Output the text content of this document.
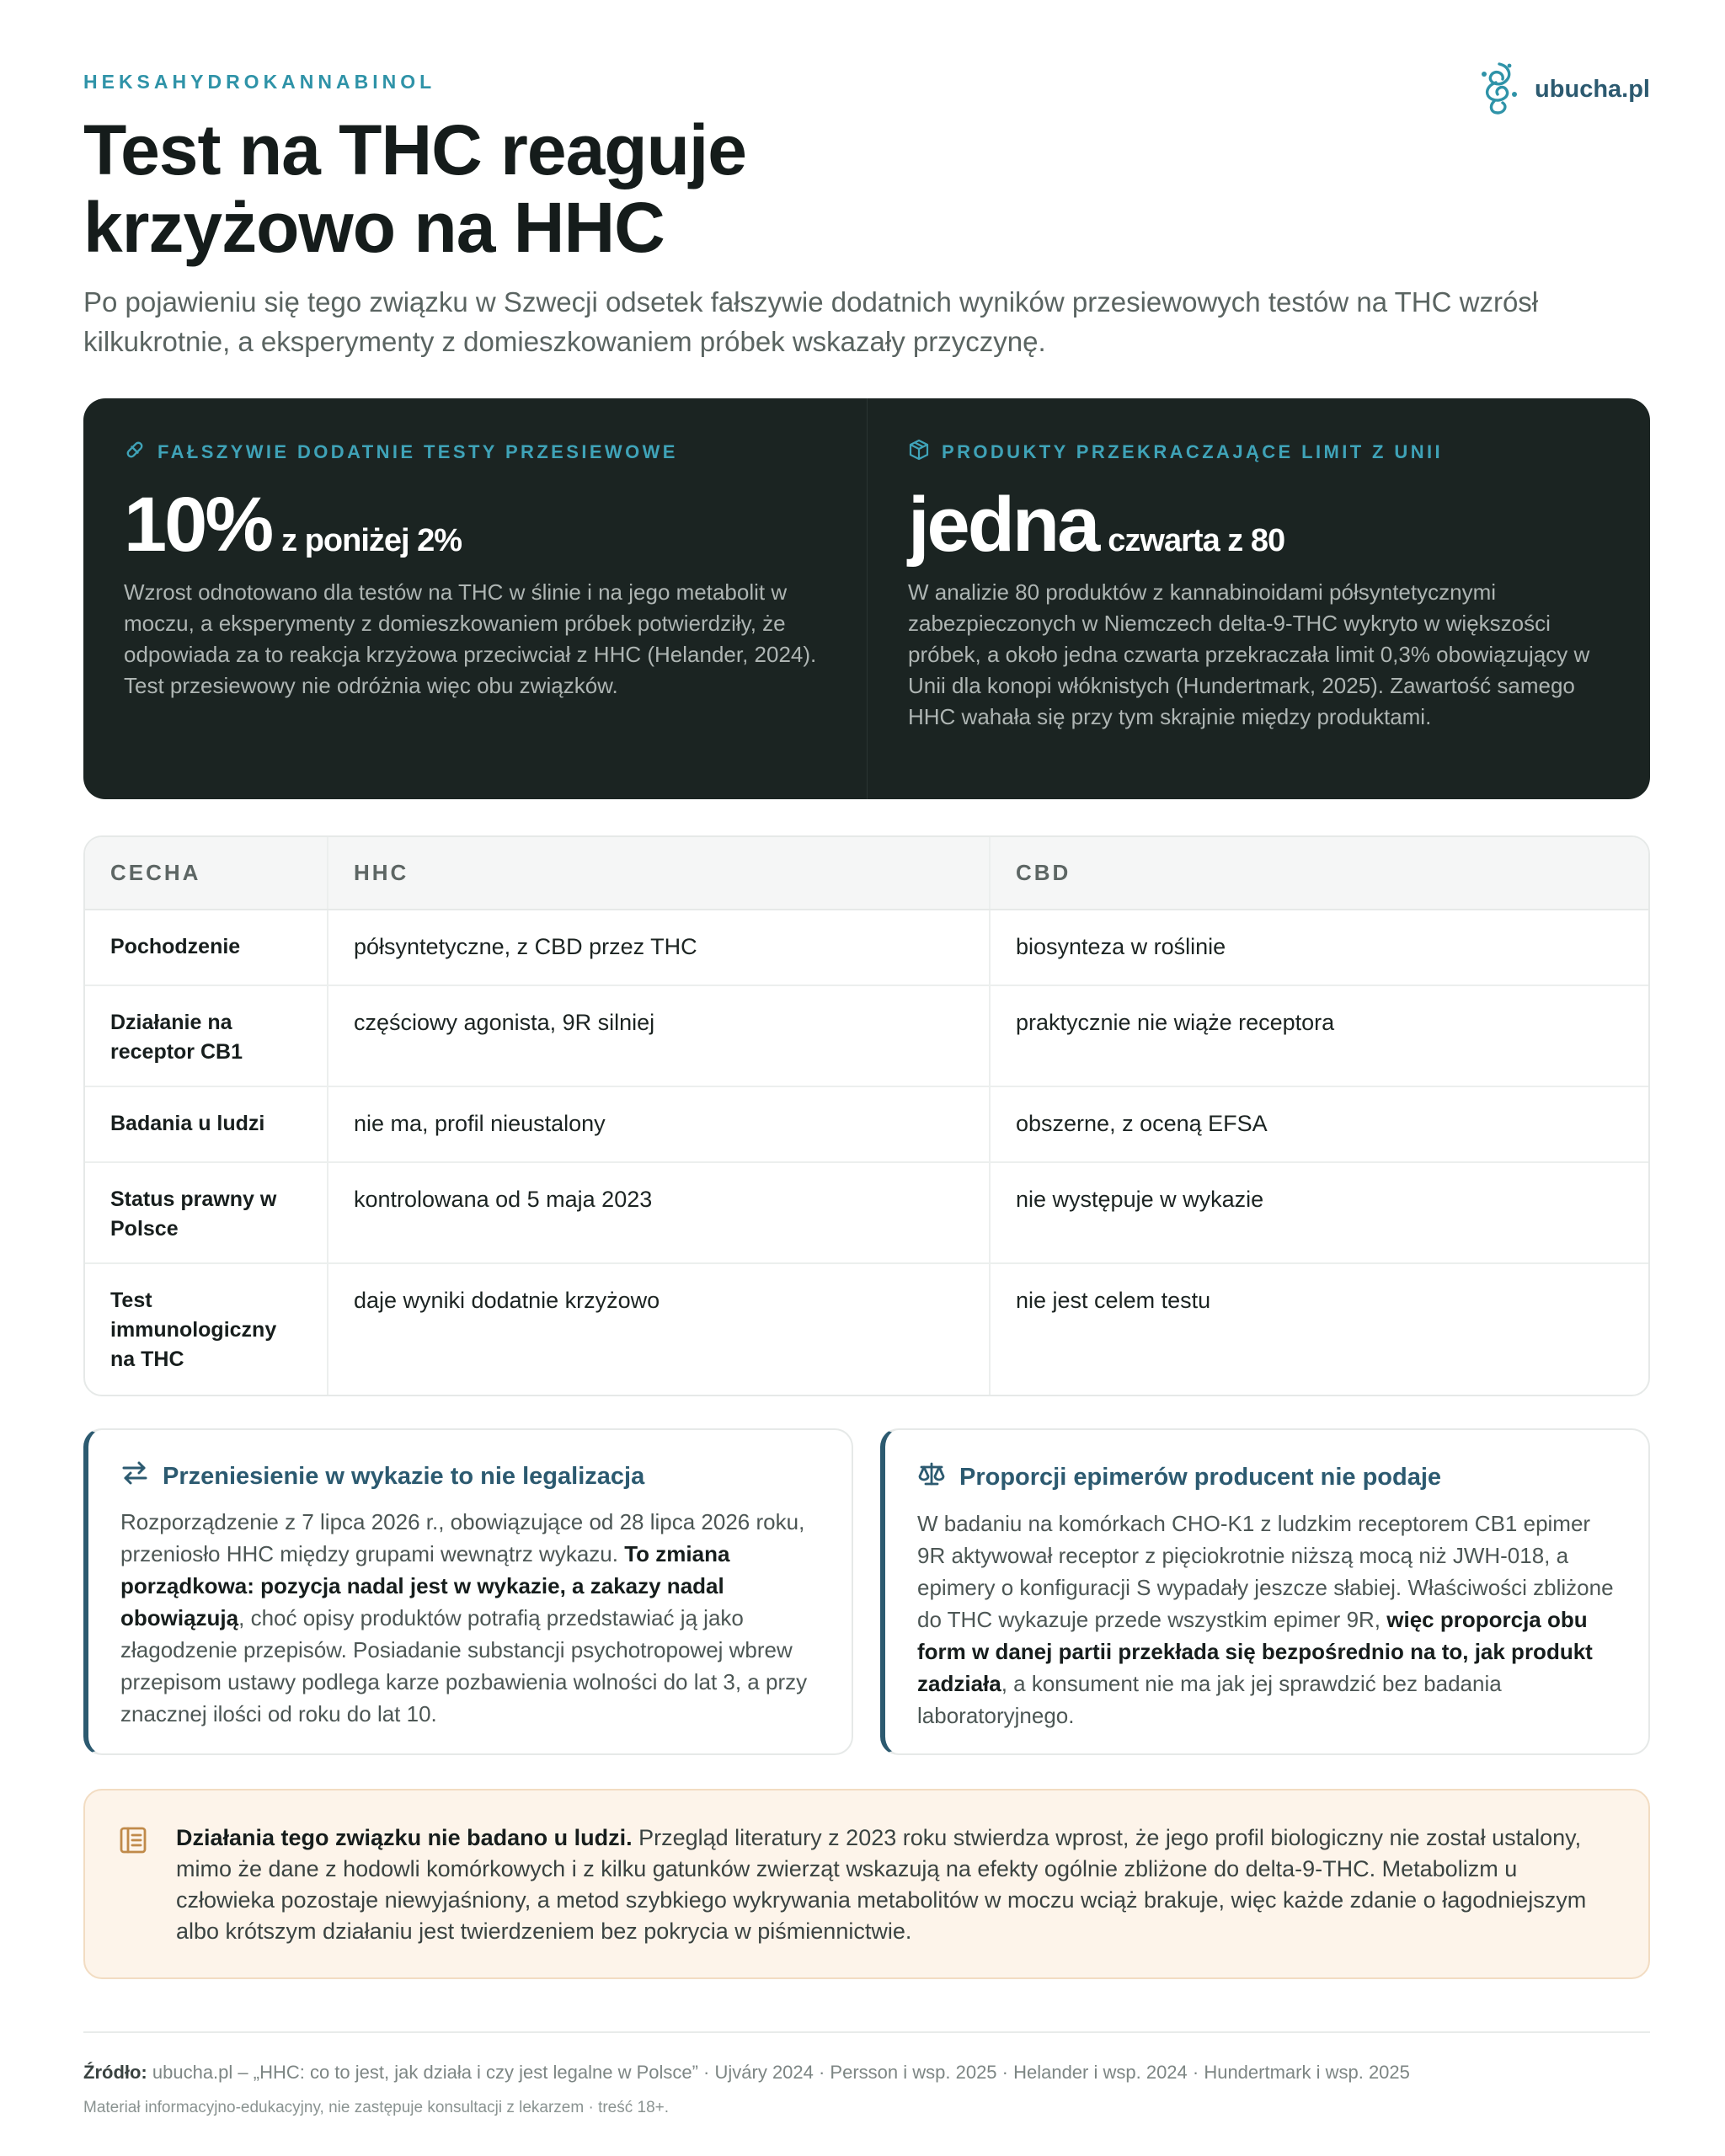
HEKSAHYDROKANNABINOL	ubucha.pl
Test na THC reaguje
krzyżowo na HHC

Po pojawieniu się tego związku w Szwecji odsetek fałszywie dodatnich wyników przesiewowych testów na THC wzrósł kilkukrotnie, a eksperymenty z domieszkowaniem próbek wskazały przyczynę.

FAŁSZYWIE DODATNIE TESTY PRZESIEWOWE
10% z poniżej 2%

Wzrost odnotowano dla testów na THC w ślinie i na jego metabolit w moczu, a eksperymenty z domieszkowaniem próbek potwierdziły, że odpowiada za to reakcja krzyżowa przeciwciał z HHC (Helander, 2024). Test przesiewowy nie odróżnia więc obu związków.

PRODUKTY PRZEKRACZAJĄCE LIMIT Z UNII
jedna czwarta z 80

W analizie 80 produktów z kannabinoidami półsyntetycznymi zabezpieczonych w Niemczech delta-9-THC wykryto w większości próbek, a około jedna czwarta przekraczała limit 0,3% obowiązujący w Unii dla konopi włóknistych (Hundertmark, 2025). Zawartość samego HHC wahała się przy tym skrajnie między produktami.

CECHA	HHC	CBD
Pochodzenie	półsyntetyczne, z CBD przez THC	biosynteza w roślinie
Działanie na receptor CB1	częściowy agonista, 9R silniej	praktycznie nie wiąże receptora
Badania u ludzi	nie ma, profil nieustalony	obszerne, z oceną EFSA
Status prawny w Polsce	kontrolowana od 5 maja 2023	nie występuje w wykazie
Test immunologiczny na THC	daje wyniki dodatnie krzyżowo	nie jest celem testu
Przeniesienie w wykazie to nie legalizacja

Rozporządzenie z 7 lipca 2026 r., obowiązujące od 28 lipca 2026 roku, przeniosło HHC między grupami wewnątrz wykazu. To zmiana porządkowa: pozycja nadal jest w wykazie, a zakazy nadal obowiązują, choć opisy produktów potrafią przedstawiać ją jako złagodzenie przepisów. Posiadanie substancji psychotropowej wbrew przepisom ustawy podlega karze pozbawienia wolności do lat 3, a przy znacznej ilości od roku do lat 10.

Proporcji epimerów producent nie podaje

W badaniu na komórkach CHO-K1 z ludzkim receptorem CB1 epimer 9R aktywował receptor z pięciokrotnie niższą mocą niż JWH-018, a epimery o konfiguracji S wypadały jeszcze słabiej. Właściwości zbliżone do THC wykazuje przede wszystkim epimer 9R, więc proporcja obu form w danej partii przekłada się bezpośrednio na to, jak produkt zadziała, a konsument nie ma jak jej sprawdzić bez badania laboratoryjnego.

Działania tego związku nie badano u ludzi. Przegląd literatury z 2023 roku stwierdza wprost, że jego profil biologiczny nie został ustalony, mimo że dane z hodowli komórkowych i z kilku gatunków zwierząt wskazują na efekty ogólnie zbliżone do delta-9-THC. Metabolizm u człowieka pozostaje niewyjaśniony, a metod szybkiego wykrywania metabolitów w moczu wciąż brakuje, więc każde zdanie o łagodniejszym albo krótszym działaniu jest twierdzeniem bez pokrycia w piśmiennictwie.

Źródło: ubucha.pl – „HHC: co to jest, jak działa i czy jest legalne w Polsce” · Ujváry 2024 · Persson i wsp. 2025 · Helander i wsp. 2024 · Hundertmark i wsp. 2025

Materiał informacyjno-edukacyjny, nie zastępuje konsultacji z lekarzem · treść 18+.
